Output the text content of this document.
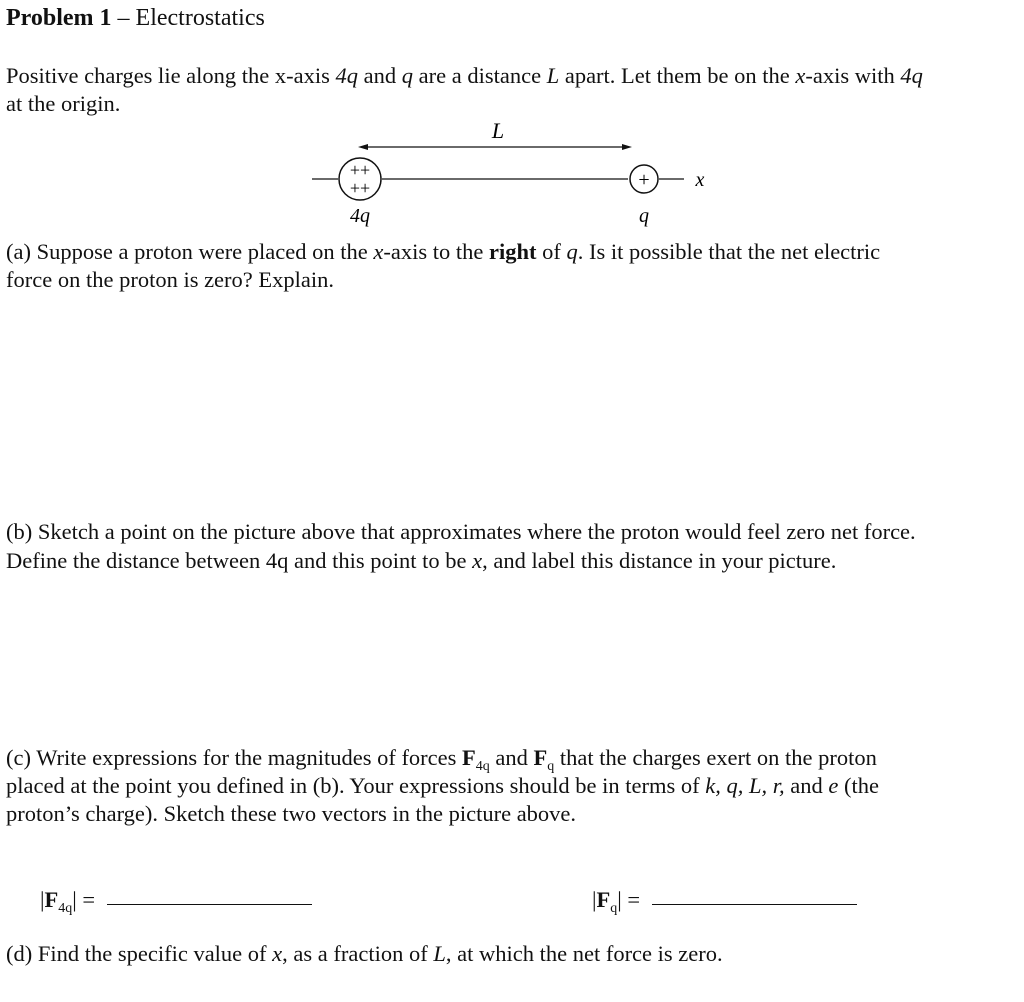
Problem 1 – Electrostatics
Positive charges lie along the x-axis 4q and q are a distance L apart. Let them be on the x-axis with 4q
at the origin.
L
x
++
++
4q
+
q
(a) Suppose a proton were placed on the x-axis to the right of q. Is it possible that the net electric
force on the proton is zero? Explain.
(b) Sketch a point on the picture above that approximates where the proton would feel zero net force.
Define the distance between 4q and this point to be x, and label this distance in your picture.
(c) Write expressions for the magnitudes of forces $F_{4q}$ and $F_q$ that the charges exert on the proton
placed at the point you defined in (b). Your expressions should be in terms of k, q, L, r, and e (the
proton’s charge). Sketch these two vectors in the picture above.
$|F_{4q}|$ =	$|F_q|$ =
(d) Find the specific value of x, as a fraction of L, at which the net force is zero.
